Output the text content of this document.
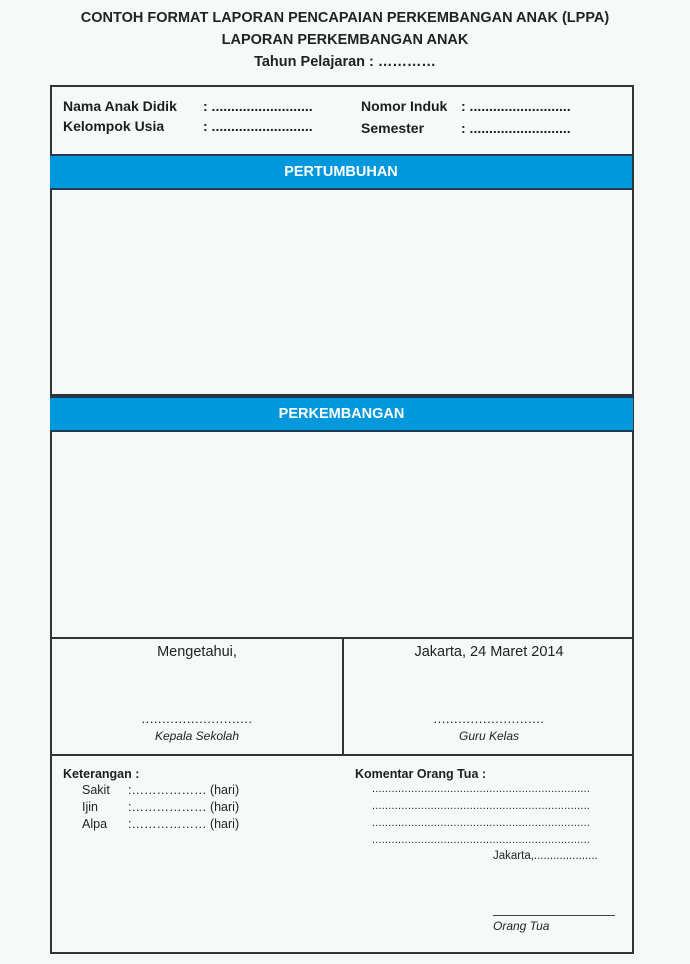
CONTOH FORMAT LAPORAN PENCAPAIAN PERKEMBANGAN ANAK (LPPA)
LAPORAN PERKEMBANGAN ANAK
Tahun Pelajaran : …………
Nama Anak Didik : ..........................
Kelompok Usia	: ..........................
Nomor Induk : ..........................
Semester	: ..........................
PERTUMBUHAN
PERKEMBANGAN
Mengetahui,
...........................
Kepala Sekolah
Jakarta, 24 Maret 2014
...........................
Guru Kelas
Keterangan :
Sakit :……………… (hari)
Ijin :……………… (hari)
Alpa :……………… (hari)
Komentar Orang Tua :
...................................................................
...................................................................
...................................................................
...................................................................
Jakarta,....................
Orang Tua
